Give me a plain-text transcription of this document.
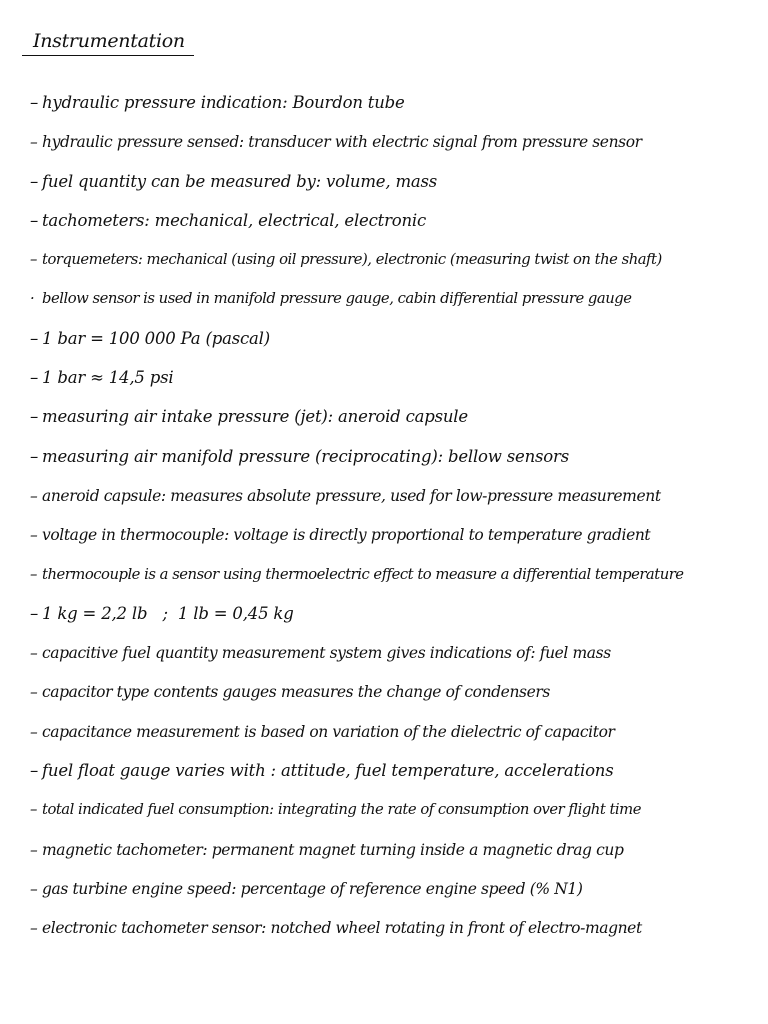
Instrumentation
– hydraulic pressure indication: Bourdon tube
– hydraulic pressure sensed: transducer with electric signal from pressure sensor
– fuel quantity can be measured by: volume, mass
– tachometers: mechanical, electrical, electronic
– torquemeters: mechanical (using oil pressure), electronic (measuring twist on the shaft)
· bellow sensor is used in manifold pressure gauge, cabin differential pressure gauge
– 1 bar = 100 000 Pa (pascal)
– 1 bar ≈ 14,5 psi
– measuring air intake pressure (jet): aneroid capsule
– measuring air manifold pressure (reciprocating): bellow sensors
– aneroid capsule: measures absolute pressure, used for low-pressure measurement
– voltage in thermocouple: voltage is directly proportional to temperature gradient
– thermocouple is a sensor using thermoelectric effect to measure a differential temperature
– 1 kg = 2,2 lb   ;  1 lb = 0,45 kg
– capacitive fuel quantity measurement system gives indications of: fuel mass
– capacitor type contents gauges measures the change of condensers
– capacitance measurement is based on variation of the dielectric of capacitor
– fuel float gauge varies with : attitude, fuel temperature, accelerations
– total indicated fuel consumption: integrating the rate of consumption over flight time
– magnetic tachometer: permanent magnet turning inside a magnetic drag cup
– gas turbine engine speed: percentage of reference engine speed (% N1)
– electronic tachometer sensor: notched wheel rotating in front of electro-magnet
